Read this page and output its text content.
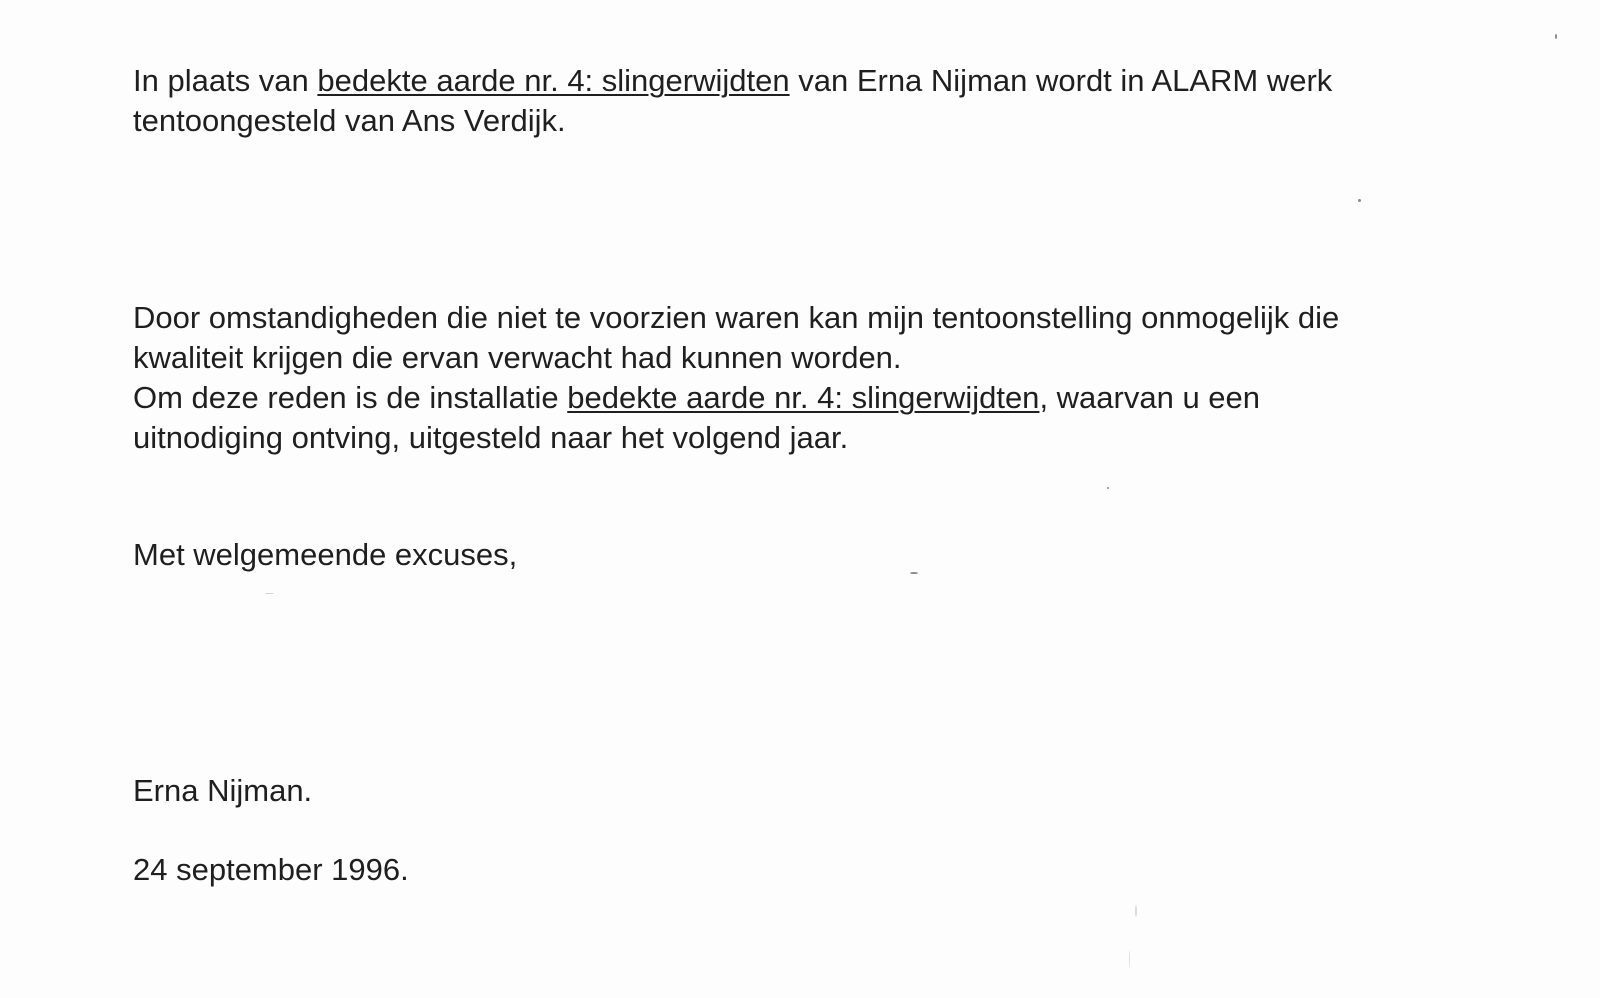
In plaats van bedekte aarde nr. 4: slingerwijdten van Erna Nijman wordt in ALARM werk
tentoongesteld van Ans Verdijk.

Door omstandigheden die niet te voorzien waren kan mijn tentoonstelling onmogelijk die
kwaliteit krijgen die ervan verwacht had kunnen worden.
Om deze reden is de installatie bedekte aarde nr. 4: slingerwijdten, waarvan u een
uitnodiging ontving, uitgesteld naar het volgend jaar.

Met welgemeende excuses,

Erna Nijman.

24 september 1996.
